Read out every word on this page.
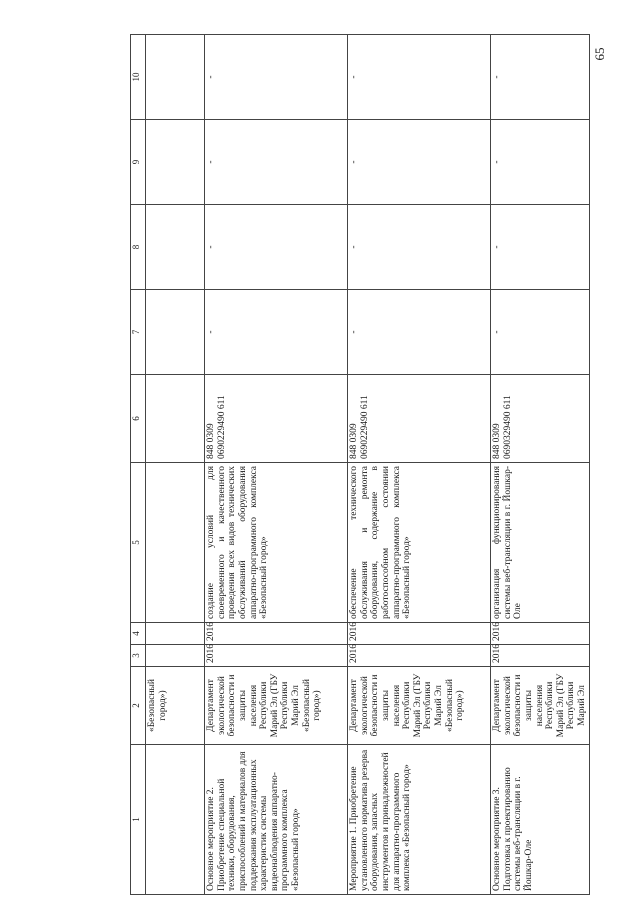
65
1	2	3	4	5	6	7	8	9	10
	«Безопасный город»)								
Основное мероприятие 2. Приобретение специальной техники, оборудования, приспособлений и материалов для поддержания эксплуатационных характеристик системы видеонаблюдения аппаратно-программного комплекса «Безопасный город»	Департамент экологической безопасности и защиты населения Республики Марий Эл (ГБУ Республики Марий Эл «Безопасный город»)	2016	2016	создание условий для своевременного и качественного проведения всех видов технических обслуживаний оборудования аппаратно-программного комплекса «Безопасный город»	848 0309 0690229490 611	-	-	-	-
Мероприятие 1. Приобретение установленного норматива резерва оборудования, запасных инструментов и принадлежностей для аппаратно-программного комплекса «Безопасный город»	Департамент экологической безопасности и защиты населения Республики Марий Эл (ГБУ Республики Марий Эл «Безопасный город»)	2016	2016	обеспечение технического обслуживания и ремонта оборудования, содержание в работоспособном состоянии аппаратно-программного комплекса «Безопасный город»	848 0309 0690229490 611	-	-	-	-
Основное мероприятие 3. Подготовка к проектированию системы веб-трансляции в г. Йошкар-Оле	Департамент экологической безопасности и защиты населения Республики Марий Эл (ГБУ Республики Марий Эл	2016	2016	организация функционирования системы веб-трансляции в г. Йошкар-Оле	848 0309 0690329490 611	-	-	-	-
